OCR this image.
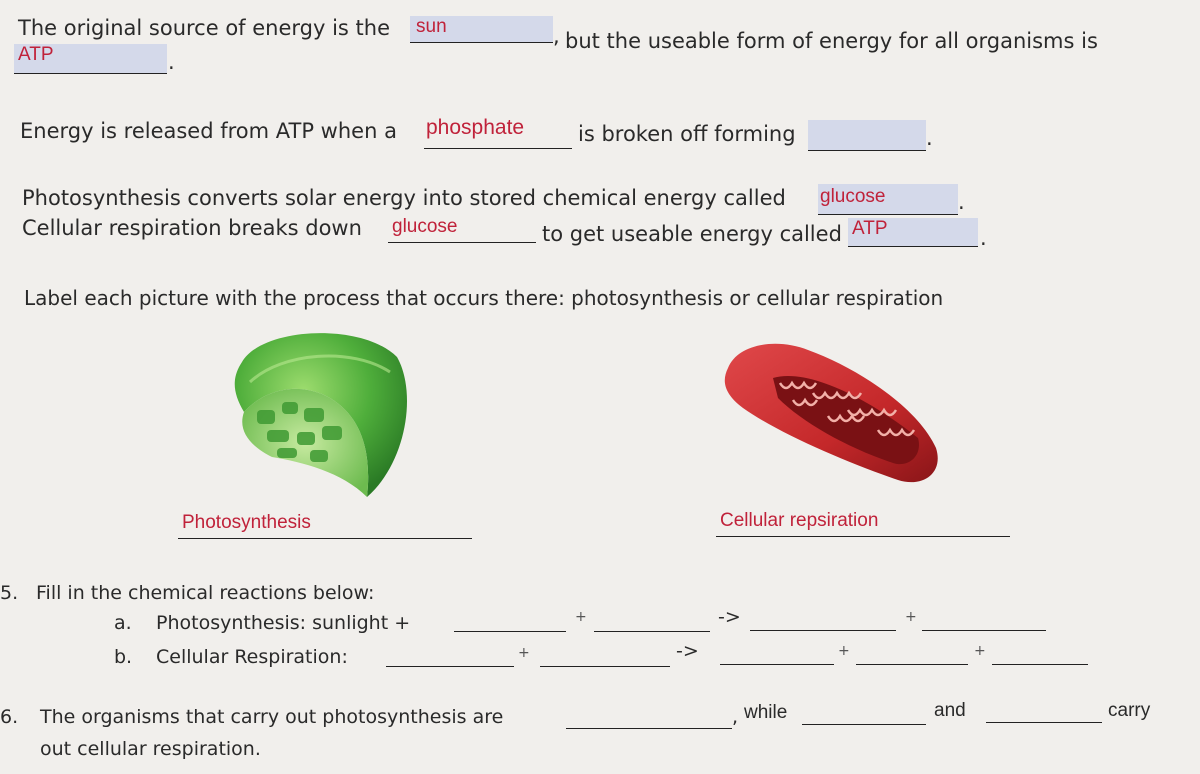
The original source of energy is the sun	, but the useable form of energy for all organisms is
ATP	.
Energy is released from ATP when a phosphate	is broken off forming	.
Photosynthesis converts solar energy into stored chemical energy called glucose	.
Cellular respiration breaks down glucose	to get useable energy called ATP	.
Label each picture with the process that occurs there: photosynthesis or cellular respiration
Photosynthesis	Cellular repsiration
5. Fill in the chemical reactions below:
a. Photosynthesis: sunlight +	+	->	+
b. Cellular Respiration:	+	->	+	+
6. The organisms that carry out photosynthesis are	, while	and	carry
out cellular respiration.
